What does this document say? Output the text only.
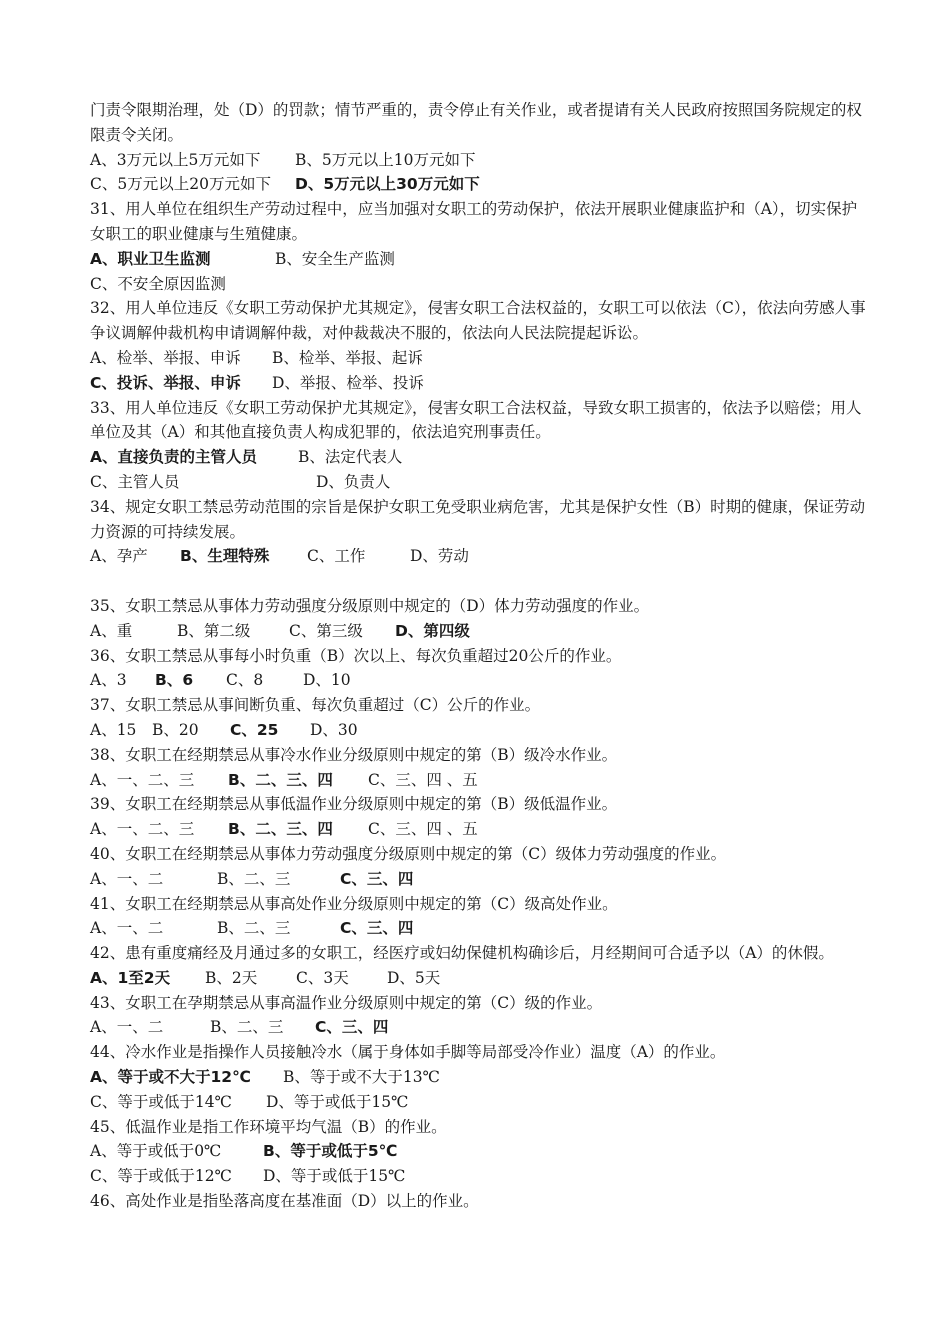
门责令限期治理，处（D）的罚款；情节严重的，责令停止有关作业，或者提请有关人民政府按照国务院规定的权限责令关闭。
A、3万元以上5万元如下 B、5万元以上10万元如下
C、5万元以上20万元如下 D、5万元以上30万元如下
31、用人单位在组织生产劳动过程中，应当加强对女职工的劳动保护，依法开展职业健康监护和（A），切实保护女职工的职业健康与生殖健康。
A、职业卫生监测	B、安全生产监测
C、不安全原因监测
32、用人单位违反《女职工劳动保护尤其规定》，侵害女职工合法权益的，女职工可以依法（C），依法向劳感人事争议调解仲裁机构申请调解仲裁，对仲裁裁决不服的，依法向人民法院提起诉讼。
A、检举、举报、申诉 B、检举、举报、起诉
C、投诉、举报、申诉 D、举报、检举、投诉
33、用人单位违反《女职工劳动保护尤其规定》，侵害女职工合法权益，导致女职工损害的，依法予以赔偿；用人单位及其（A）和其他直接负责人构成犯罪的，依法追究刑事责任。
A、直接负责的主管人员	B、法定代表人
C、主管人员	D、负责人
34、规定女职工禁忌劳动范围的宗旨是保护女职工免受职业病危害，尤其是保护女性（B）时期的健康，保证劳动力资源的可持续发展。
A、孕产 B、生理特殊 C、工作	D、劳动
35、女职工禁忌从事体力劳动强度分级原则中规定的（D）体力劳动强度的作业。
A、重	B、第二级 C、第三级 D、第四级
36、女职工禁忌从事每小时负重（B）次以上、每次负重超过20公斤的作业。
A、3 B、6 C、8	D、10
37、女职工禁忌从事间断负重、每次负重超过（C）公斤的作业。
A、15 B、20 C、25 D、30
38、女职工在经期禁忌从事冷水作业分级原则中规定的第（B）级冷水作业。
A、一、二、三 B、二、三、四 C、三、四 、五
39、女职工在经期禁忌从事低温作业分级原则中规定的第（B）级低温作业。
A、一、二、三 B、二、三、四 C、三、四 、五
40、女职工在经期禁忌从事体力劳动强度分级原则中规定的第（C）级体力劳动强度的作业。
A、一、二	B、二、三	C、三、四
41、女职工在经期禁忌从事高处作业分级原则中规定的第（C）级高处作业。
A、一、二	B、二、三	C、三、四
42、患有重度痛经及月通过多的女职工，经医疗或妇幼保健机构确诊后，月经期间可合适予以（A）的休假。
A、1至2天 B、2天 C、3天 D、5天
43、女职工在孕期禁忌从事高温作业分级原则中规定的第（C）级的作业。
A、一、二	B、二、三 C、三、四
44、冷水作业是指操作人员接触冷水（属于身体如手脚等局部受冷作业）温度（A）的作业。
A、等于或不大于12℃ B、等于或不大于13℃
C、等于或低于14℃ D、等于或低于15℃
45、低温作业是指工作环境平均气温（B）的作业。
A、等于或低于0℃	B、等于或低于5℃
C、等于或低于12℃ D、等于或低于15℃
46、高处作业是指坠落高度在基准面（D）以上的作业。
